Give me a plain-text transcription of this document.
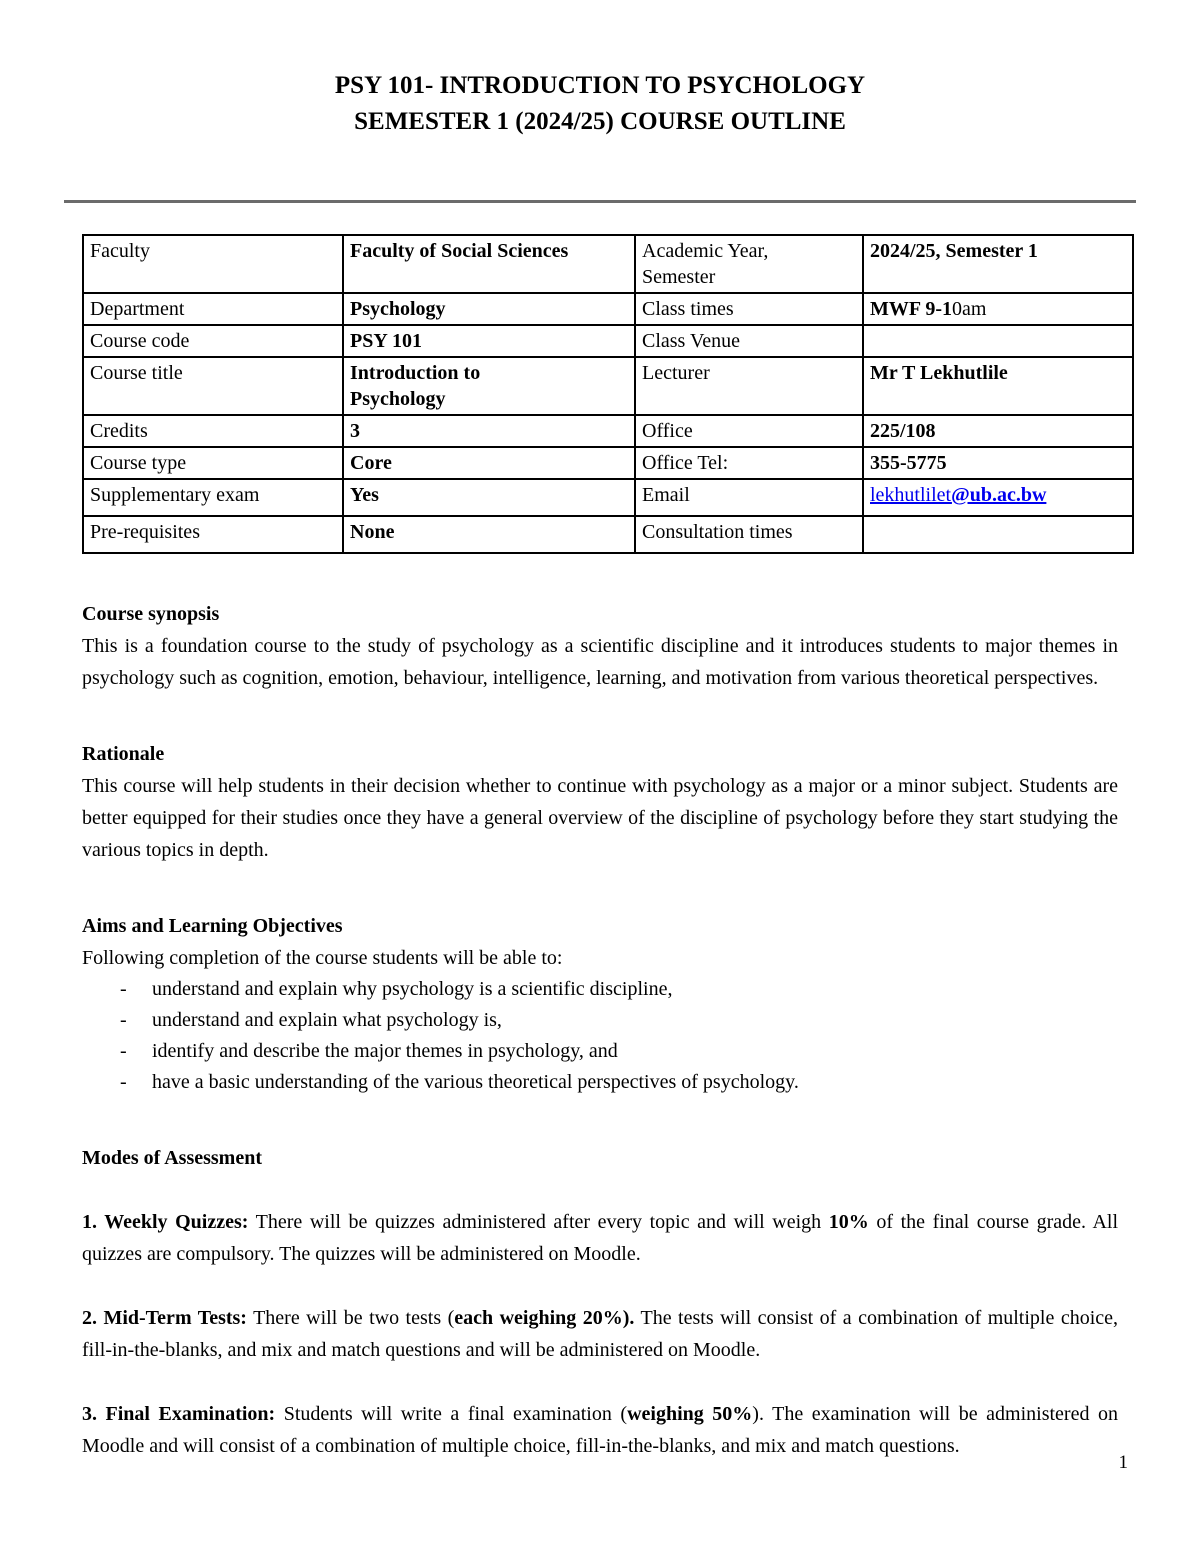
PSY 101- INTRODUCTION TO PSYCHOLOGY
SEMESTER 1 (2024/25) COURSE OUTLINE
Faculty	Faculty of Social Sciences	Academic Year, Semester	2024/25, Semester 1
Department	Psychology	Class times	MWF 9-10am
Course code	PSY 101	Class Venue	
Course title	Introduction to Psychology	Lecturer	Mr T Lekhutlile
Credits	3	Office	225/108
Course type	Core	Office Tel:	355-5775
Supplementary exam	Yes	Email	lekhutlilet@ub.ac.bw
Pre-requisites	None	Consultation times	
Course synopsis

This is a foundation course to the study of psychology as a scientific discipline and it introduces students to major themes in psychology such as cognition, emotion, behaviour, intelligence, learning, and motivation from various theoretical perspectives.

Rationale

This course will help students in their decision whether to continue with psychology as a major or a minor subject. Students are better equipped for their studies once they have a general overview of the discipline of psychology before they start studying the various topics in depth.

Aims and Learning Objectives

Following completion of the course students will be able to:

-	understand and explain why psychology is a scientific discipline,
-	understand and explain what psychology is,
-	identify and describe the major themes in psychology, and
-	have a basic understanding of the various theoretical perspectives of psychology.
Modes of Assessment

1. Weekly Quizzes: There will be quizzes administered after every topic and will weigh 10% of the final course grade. All quizzes are compulsory. The quizzes will be administered on Moodle.

2. Mid-Term Tests: There will be two tests (each weighing 20%). The tests will consist of a combination of multiple choice, fill-in-the-blanks, and mix and match questions and will be administered on Moodle.

3. Final Examination: Students will write a final examination (weighing 50%). The examination will be administered on Moodle and will consist of a combination of multiple choice, fill-in-the-blanks, and mix and match questions.

1
